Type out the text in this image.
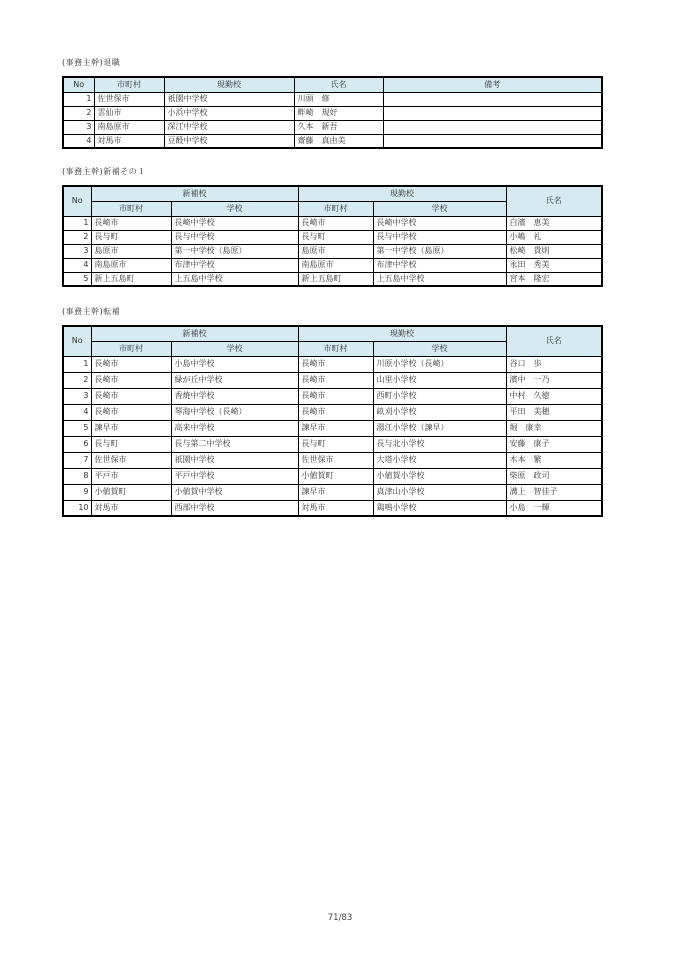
(事務主幹)退職
No	市町村	現勤校	氏名	備考
1	佐世保市	祇園中学校	川頭　修	
2	雲仙市	小浜中学校	畔崎　規好	
3	南島原市	深江中学校	久本　新吾	
4	対馬市	豆酘中学校	齋藤　真由美	
(事務主幹)新補その１
No	新補校		現勤校		氏名
	市町村	学校	市町村	学校	
1	長崎市	長崎中学校	長崎市	長崎中学校	白濱　恵美
2	長与町	長与中学校	長与町	長与中学校	小嶋　礼
3	島原市	第一中学校（島原）	島原市	第一中学校（島原）	松崎　貴則
4	南島原市	布津中学校	南島原市	布津中学校	永田　秀美
5	新上五島町	上五島中学校	新上五島町	上五島中学校	宮本　隆宏
(事務主幹)転補
No	新補校		現勤校		氏名
	市町村	学校	市町村	学校	
1	長崎市	小島中学校	長崎市	川原小学校（長崎）	谷口　歩
2	長崎市	緑が丘中学校	長崎市	山里小学校	濱中　一乃
3	長崎市	香焼中学校	長崎市	西町小学校	中村　久徳
4	長崎市	琴海中学校（長崎）	長崎市	畝刈小学校	平田　美穂
5	諫早市	高来中学校	諫早市	湯江小学校（諫早）	堀　康幸
6	長与町	長与第二中学校	長与町	長与北小学校	安藤　康子
7	佐世保市	祇園中学校	佐世保市	大塔小学校	木本　繁
8	平戸市	平戸中学校	小値賀町	小値賀小学校	柴原　政司
9	小値賀町	小値賀中学校	諫早市	真津山小学校	溝上　智佳子
10	対馬市	西部中学校	対馬市	鶏鳴小学校	小島　一輝
71/83
